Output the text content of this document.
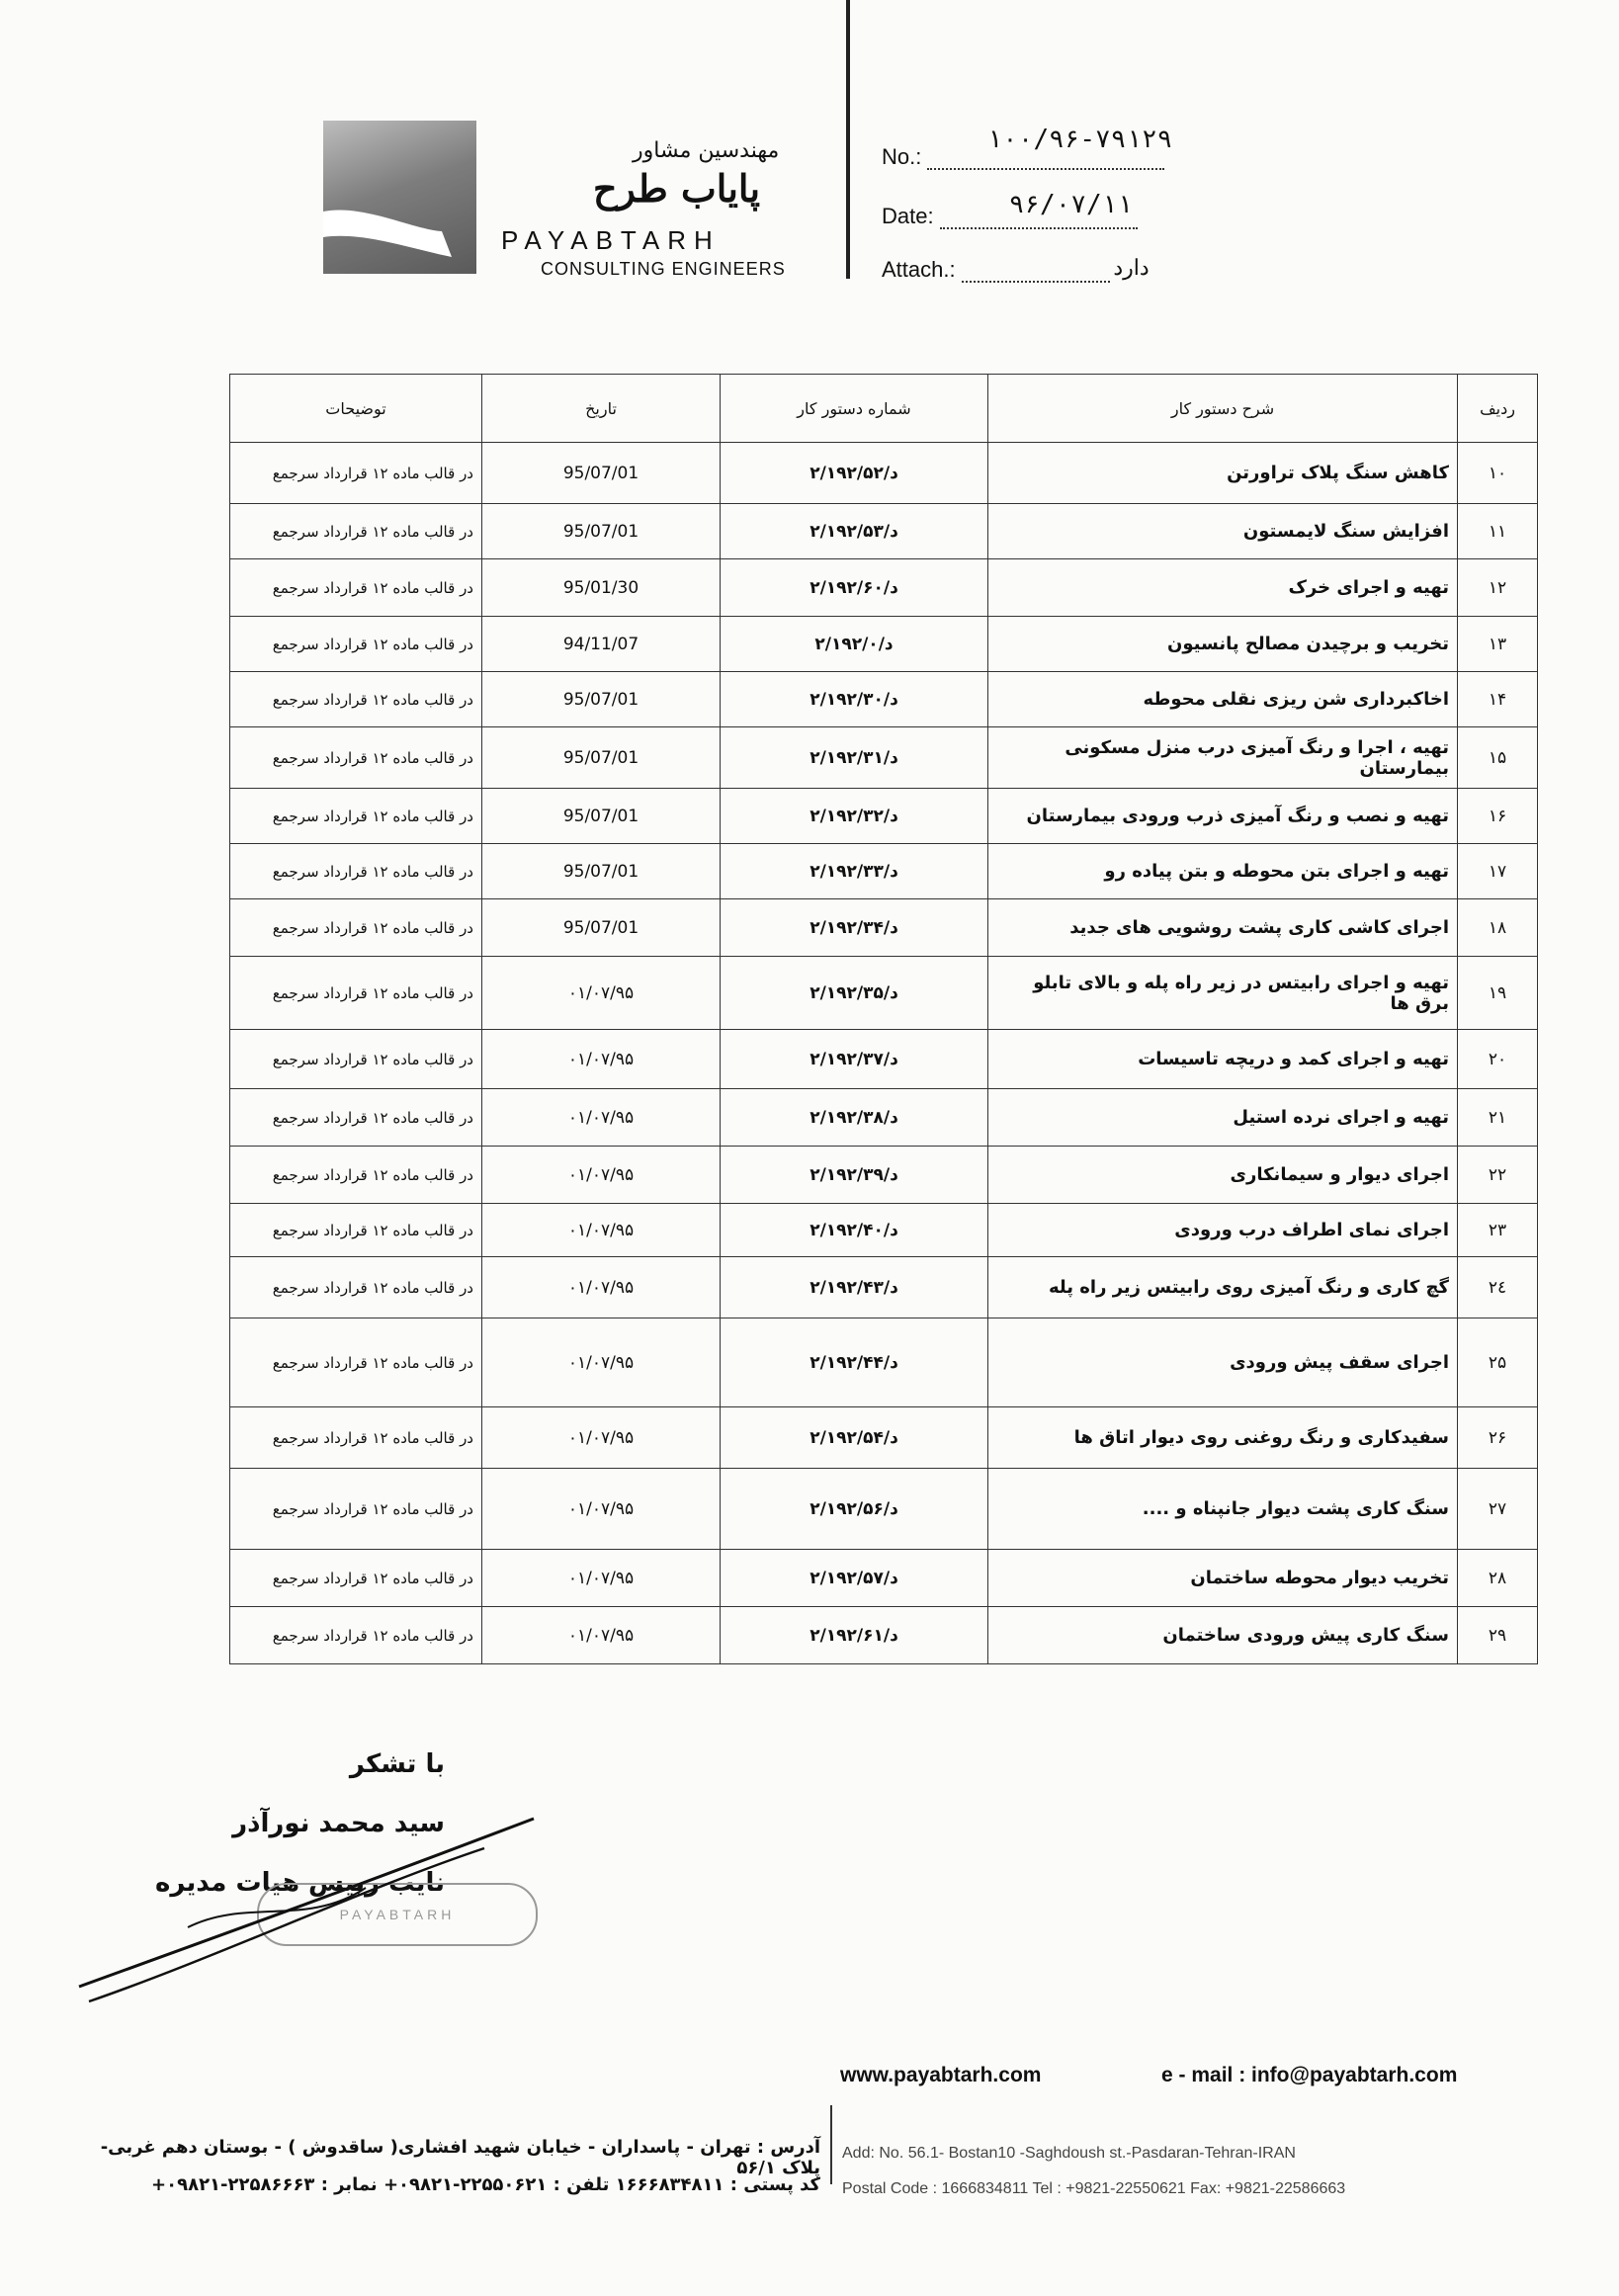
مهندسین مشاور
پایاب طرح
PAYABTARH
CONSULTING ENGINEERS
No.: ۱۰۰/۹۶-۷۹۱۲۹
Date:	۹۶/۰۷/۱۱
Attach.:	دارد
ردیف	شرح دستور کار	شماره دستور کار	تاریخ	توضیحات
۱۰	کاهش سنگ پلاک تراورتن	۲/۱۹۲/د/۵۲	95/07/01	در قالب ماده ۱۲ قرارداد سرجمع
۱۱	افزایش سنگ لایمستون	۲/۱۹۲/د/۵۳	95/07/01	در قالب ماده ۱۲ قرارداد سرجمع
۱۲	تهیه و اجرای خرک	۲/۱۹۲/د/۶۰	95/01/30	در قالب ماده ۱۲ قرارداد سرجمع
۱۳	تخریب و برچیدن مصالح پانسیون	۲/۱۹۲/د/۰	94/11/07	در قالب ماده ۱۲ قرارداد سرجمع
۱۴	اخاکبرداری شن ریزی نقلی محوطه	۲/۱۹۲/د/۳۰	95/07/01	در قالب ماده ۱۲ قرارداد سرجمع
۱۵	تهیه ، اجرا و رنگ آمیزی درب منزل مسکونی بیمارستان	۲/۱۹۲/د/۳۱	95/07/01	در قالب ماده ۱۲ قرارداد سرجمع
۱۶	تهیه و نصب و رنگ آمیزی ذرب ورودی بیمارستان	۲/۱۹۲/د/۳۲	95/07/01	در قالب ماده ۱۲ قرارداد سرجمع
۱۷	تهیه و اجرای بتن محوطه و بتن پیاده رو	۲/۱۹۲/د/۳۳	95/07/01	در قالب ماده ۱۲ قرارداد سرجمع
۱۸	اجرای کاشی کاری پشت روشویی های جدید	۲/۱۹۲/د/۳۴	95/07/01	در قالب ماده ۱۲ قرارداد سرجمع
۱۹	تهیه و اجرای رابیتس در زیر راه پله و بالای تابلو برق ها	۲/۱۹۲/د/۳۵	۰۱/۰۷/۹۵	در قالب ماده ۱۲ قرارداد سرجمع
۲۰	تهیه و اجرای کمد و دریچه تاسیسات	۲/۱۹۲/د/۳۷	۰۱/۰۷/۹۵	در قالب ماده ۱۲ قرارداد سرجمع
۲۱	تهیه و اجرای نرده استیل	۲/۱۹۲/د/۳۸	۰۱/۰۷/۹۵	در قالب ماده ۱۲ قرارداد سرجمع
۲۲	اجرای دیوار و سیمانکاری	۲/۱۹۲/د/۳۹	۰۱/۰۷/۹۵	در قالب ماده ۱۲ قرارداد سرجمع
۲۳	اجرای نمای اطراف درب ورودی	۲/۱۹۲/د/۴۰	۰۱/۰۷/۹۵	در قالب ماده ۱۲ قرارداد سرجمع
۲٤	گچ کاری و رنگ آمیزی روی رابیتس زیر راه پله	۲/۱۹۲/د/۴۳	۰۱/۰۷/۹۵	در قالب ماده ۱۲ قرارداد سرجمع
۲۵	اجرای سقف پیش ورودی	۲/۱۹۲/د/۴۴	۰۱/۰۷/۹۵	در قالب ماده ۱۲ قرارداد سرجمع
۲۶	سفیدکاری و رنگ روغنی روی دیوار اتاق ها	۲/۱۹۲/د/۵۴	۰۱/۰۷/۹۵	در قالب ماده ۱۲ قرارداد سرجمع
۲۷	سنگ کاری پشت دیوار جانپناه و ....	۲/۱۹۲/د/۵۶	۰۱/۰۷/۹۵	در قالب ماده ۱۲ قرارداد سرجمع
۲۸	تخریب دیوار محوطه ساختمان	۲/۱۹۲/د/۵۷	۰۱/۰۷/۹۵	در قالب ماده ۱۲ قرارداد سرجمع
۲۹	سنگ کاری پیش ورودی ساختمان	۲/۱۹۲/د/۶۱	۰۱/۰۷/۹۵	در قالب ماده ۱۲ قرارداد سرجمع
با تشکر
سید محمد نورآذر
نایب رییس هیات مدیره
PAYABTARH
www.payabtarh.com	e - mail : info@payabtarh.com
آدرس : تهران - پاسداران - خیابان شهید افشاری( ساقدوش ) - بوستان دهم غربی- پلاک ۵۶/۱
کد پستی : ۱۶۶۶۸۳۴۸۱۱ تلفن : ۲۲۵۵۰۶۲۱-۰۹۸۲۱+ نمابر : ۲۲۵۸۶۶۶۳-۰۹۸۲۱+
Add: No. 56.1- Bostan10 -Saghdoush st.-Pasdaran-Tehran-IRAN
Postal Code : 1666834811 Tel : +9821-22550621 Fax: +9821-22586663
